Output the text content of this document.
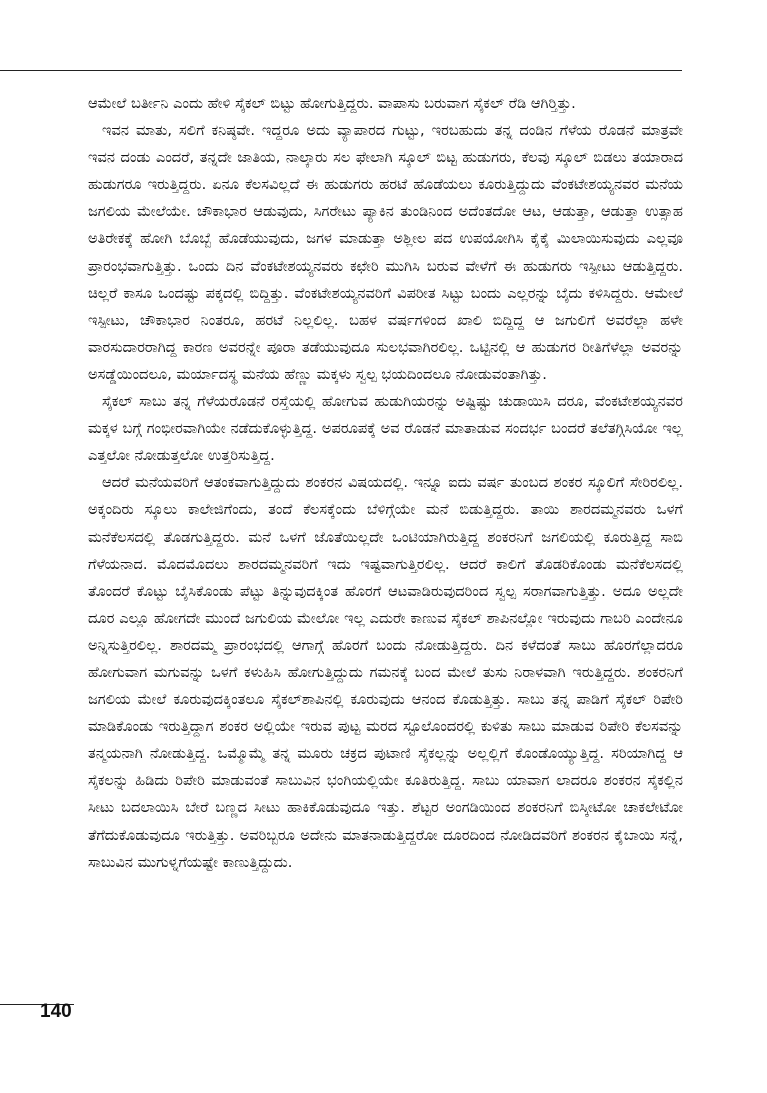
ಆಮೇಲೆ ಬರ್ತೀನಿ ಎಂದು ಹೇಳಿ ಸೈಕಲ್ ಬಿಟ್ಟು ಹೋಗುತ್ತಿದ್ದರು. ವಾಪಾಸು ಬರುವಾಗ ಸೈಕಲ್ ರೆಡಿ ಆಗಿರ್‍ತಿತ್ತು.

ಇವನ ಮಾತು, ಸಲಿಗೆ ಕನಿಷ್ಠವೇ. ಇದ್ದರೂ ಅದು ವ್ಯಾಪಾರದ ಗುಟ್ಟು, ಇರಬಹುದು ತನ್ನ ದಂಡಿನ ಗೆಳೆಯ ರೊಡನೆ ಮಾತ್ರವೇ ಇವನ ದಂಡು ಎಂದರೆ, ತನ್ನದೇ ಜಾತಿಯ, ನಾಲ್ಕಾರು ಸಲ ಫೇಲಾಗಿ ಸ್ಕೂಲ್ ಬಿಟ್ಟ ಹುಡುಗರು, ಕೆಲವು ಸ್ಕೂಲ್ ಬಿಡಲು ತಯಾರಾದ ಹುಡುಗರೂ ಇರುತ್ತಿದ್ದರು. ಏನೂ ಕೆಲಸವಿಲ್ಲದೆ ಈ ಹುಡುಗರು ಹರಟೆ ಹೊಡೆಯಲು ಕೂರುತ್ತಿದ್ದುದು ವೆಂಕಟೇಶಯ್ಯನವರ ಮನೆಯ ಜಗಲಿಯ ಮೇಲೆಯೇ. ಚೌಕಾಭಾರ ಆಡುವುದು, ಸಿಗರೇಟು ಪ್ಯಾಕಿನ ತುಂಡಿನಿಂದ ಅದೆಂತದೋ ಆಟ, ಆಡುತ್ತಾ, ಆಡುತ್ತಾ ಉತ್ಸಾಹ ಅತಿರೇಕಕ್ಕೆ ಹೋಗಿ ಬೊಬ್ಬೆ ಹೊಡೆಯುವುದು, ಜಗಳ ಮಾಡುತ್ತಾ ಅಶ್ಲೀಲ ಪದ ಉಪಯೋಗಿಸಿ ಕೈಕೈ ಮಿಲಾಯಿಸುವುದು ಎಲ್ಲವೂ ಪ್ರಾರಂಭವಾಗುತ್ತಿತ್ತು. ಒಂದು ದಿನ ವೆಂಕಟೇಶಯ್ಯನವರು ಕಛೇರಿ ಮುಗಿಸಿ ಬರುವ ವೇಳೆಗೆ ಈ ಹುಡುಗರು ಇಸ್ಪೀಟು ಆಡುತ್ತಿದ್ದರು. ಚಿಲ್ಲರೆ ಕಾಸೂ ಒಂದಷ್ಟು ಪಕ್ಕದಲ್ಲಿ ಬಿದ್ದಿತ್ತು. ವೆಂಕಟೇಶಯ್ಯನವರಿಗೆ ವಿಪರೀತ ಸಿಟ್ಟು ಬಂದು ಎಲ್ಲರನ್ನು ಬೈದು ಕಳಿಸಿದ್ದರು. ಆಮೇಲೆ ಇಸ್ಪೀಟು, ಚೌಕಾಭಾರ ನಿಂತರೂ, ಹರಟೆ ನಿಲ್ಲಲಿಲ್ಲ. ಬಹಳ ವರ್ಷಗಳಿಂದ ಖಾಲಿ ಬಿದ್ದಿದ್ದ ಆ ಜಗುಲಿಗೆ ಅವರೆಲ್ಲಾ ಹಳೇ ವಾರಸುದಾರರಾಗಿದ್ದ ಕಾರಣ ಅವರನ್ನೇ ಪೂರಾ ತಡೆಯುವುದೂ ಸುಲಭವಾಗಿರಲಿಲ್ಲ. ಒಟ್ಟಿನಲ್ಲಿ ಆ ಹುಡುಗರ ರೀತಿಗೆಳೆಲ್ಲಾ ಅವರನ್ನು ಅಸಡ್ಡೆಯಿಂದಲೂ, ಮರ್ಯಾದಸ್ಥ ಮನೆಯ ಹೆಣ್ಣು ಮಕ್ಕಳು ಸ್ವಲ್ಪ ಭಯದಿಂದಲೂ ನೋಡುವಂತಾಗಿತ್ತು.

ಸೈಕಲ್ ಸಾಬು ತನ್ನ ಗೆಳೆಯರೊಡನೆ ರಸ್ತೆಯಲ್ಲಿ ಹೋಗುವ ಹುಡುಗಿಯರನ್ನು ಅಷ್ಟಿಷ್ಟು ಚುಡಾಯಿಸಿ ದರೂ, ವೆಂಕಟೇಶಯ್ಯನವರ ಮಕ್ಕಳ ಬಗ್ಗೆ ಗಂಭೀರವಾಗಿಯೇ ನಡೆದುಕೊಳ್ಳುತ್ತಿದ್ದ. ಅಪರೂಪಕ್ಕೆ ಅವ ರೊಡನೆ ಮಾತಾಡುವ ಸಂದರ್ಭ ಬಂದರೆ ತಲೆತಗ್ಗಿಸಿಯೋ ಇಲ್ಲ ಎತ್ತಲೋ ನೋಡುತ್ತಲೋ ಉತ್ತರಿಸುತ್ತಿದ್ದ.

ಆದರೆ ಮನೆಯವರಿಗೆ ಆತಂಕವಾಗುತ್ತಿದ್ದುದು ಶಂಕರನ ವಿಷಯದಲ್ಲಿ. ಇನ್ನೂ ಐದು ವರ್ಷ ತುಂಬದ ಶಂಕರ ಸ್ಕೂಲಿಗೆ ಸೇರಿರಲಿಲ್ಲ. ಅಕ್ಕಂದಿರು ಸ್ಕೂಲು ಕಾಲೇಜಿಗೆಂದು, ತಂದೆ ಕೆಲಸಕ್ಕೆಂದು ಬೆಳಿಗ್ಗೆಯೇ ಮನೆ ಬಿಡುತ್ತಿದ್ದರು. ತಾಯಿ ಶಾರದಮ್ಮನವರು ಒಳಗೆ ಮನೆಕೆಲಸದಲ್ಲಿ ತೊಡಗುತ್ತಿದ್ದರು. ಮನೆ ಒಳಗೆ ಜೊತೆಯಿಲ್ಲದೇ ಒಂಟಿಯಾಗಿರುತ್ತಿದ್ದ ಶಂಕರನಿಗೆ ಜಗಲಿಯಲ್ಲಿ ಕೂರುತ್ತಿದ್ದ ಸಾಬಿ ಗೆಳೆಯನಾದ. ಮೊದಮೊದಲು ಶಾರದಮ್ಮನವರಿಗೆ ಇದು ಇಷ್ಟವಾಗುತ್ತಿರಲಿಲ್ಲ. ಆದರೆ ಕಾಲಿಗೆ ತೊಡರಿಕೊಂಡು ಮನೆಕೆಲಸದಲ್ಲಿ ತೊಂದರೆ ಕೊಟ್ಟು ಬೈಸಿಕೊಂಡು ಪೆಟ್ಟು ತಿನ್ನುವುದಕ್ಕಿಂತ ಹೊರಗೆ ಆಟವಾಡಿರುವುದರಿಂದ ಸ್ವಲ್ಪ ಸರಾಗವಾಗುತ್ತಿತ್ತು. ಅದೂ ಅಲ್ಲದೇ ದೂರ ಎಲ್ಲೂ ಹೋಗದೇ ಮುಂದೆ ಜಗುಲಿಯ ಮೇಲೋ ಇಲ್ಲ ಎದುರೇ ಕಾಣುವ ಸೈಕಲ್ ಶಾಪಿನಲ್ಲೋ ಇರುವುದು ಗಾಬರಿ ಎಂದೇನೂ ಅನ್ನಿಸುತ್ತಿರಲಿಲ್ಲ. ಶಾರದಮ್ಮ ಪ್ರಾರಂಭದಲ್ಲಿ ಆಗಾಗ್ಗೆ ಹೊರಗೆ ಬಂದು ನೋಡುತ್ತಿದ್ದರು. ದಿನ ಕಳೆದಂತೆ ಸಾಬು ಹೊರಗೆಲ್ಲಾದರೂ ಹೋಗುವಾಗ ಮಗುವನ್ನು ಒಳಗೆ ಕಳುಹಿಸಿ ಹೋಗುತ್ತಿದ್ದುದು ಗಮನಕ್ಕೆ ಬಂದ ಮೇಲೆ ತುಸು ನಿರಾಳವಾಗಿ ಇರುತ್ತಿದ್ದರು. ಶಂಕರನಿಗೆ ಜಗಲಿಯ ಮೇಲೆ ಕೂರುವುದಕ್ಕಿಂತಲೂ ಸೈಕಲ್‌ಶಾಪಿನಲ್ಲಿ ಕೂರುವುದು ಆನಂದ ಕೊಡುತ್ತಿತ್ತು. ಸಾಬು ತನ್ನ ಪಾಡಿಗೆ ಸೈಕಲ್ ರಿಪೇರಿ ಮಾಡಿಕೊಂಡು ಇರುತ್ತಿದ್ದಾಗ ಶಂಕರ ಅಲ್ಲಿಯೇ ಇರುವ ಪುಟ್ಟ ಮರದ ಸ್ಟೂಲೊಂದರಲ್ಲಿ ಕುಳಿತು ಸಾಬು ಮಾಡುವ ರಿಪೇರಿ ಕೆಲಸವನ್ನು ತನ್ಮಯನಾಗಿ ನೋಡುತ್ತಿದ್ದ. ಒಮ್ಮೊಮ್ಮೆ ತನ್ನ ಮೂರು ಚಕ್ರದ ಪುಟಾಣಿ ಸೈಕಲ್ಲನ್ನು ಅಲ್ಲಲ್ಲಿಗೆ ಕೊಂಡೊಯ್ಯುತ್ತಿದ್ದ. ಸರಿಯಾಗಿದ್ದ ಆ ಸೈಕಲನ್ನು ಹಿಡಿದು ರಿಪೇರಿ ಮಾಡುವಂತೆ ಸಾಬುವಿನ ಭಂಗಿಯಲ್ಲಿಯೇ ಕೂತಿರುತ್ತಿದ್ದ. ಸಾಬು ಯಾವಾಗ ಲಾದರೂ ಶಂಕರನ ಸೈಕಲ್ಲಿನ ಸೀಟು ಬದಲಾಯಿಸಿ ಬೇರೆ ಬಣ್ಣದ ಸೀಟು ಹಾಕಿಕೊಡುವುದೂ ಇತ್ತು. ಶೆಟ್ಟರ ಅಂಗಡಿಯಿಂದ ಶಂಕರನಿಗೆ ಬಿಸ್ಕೀಟೋ ಚಾಕಲೇಟೋ ತೆಗೆದುಕೊಡುವುದೂ ಇರುತ್ತಿತ್ತು. ಅವರಿಬ್ಬರೂ ಅದೇನು ಮಾತನಾಡುತ್ತಿದ್ದರೋ ದೂರದಿಂದ ನೋಡಿದವರಿಗೆ ಶಂಕರನ ಕೈಬಾಯಿ ಸನ್ನೆ, ಸಾಬುವಿನ ಮುಗುಳ್ನಗೆಯಷ್ಟೇ ಕಾಣುತ್ತಿದ್ದುದು.

140
